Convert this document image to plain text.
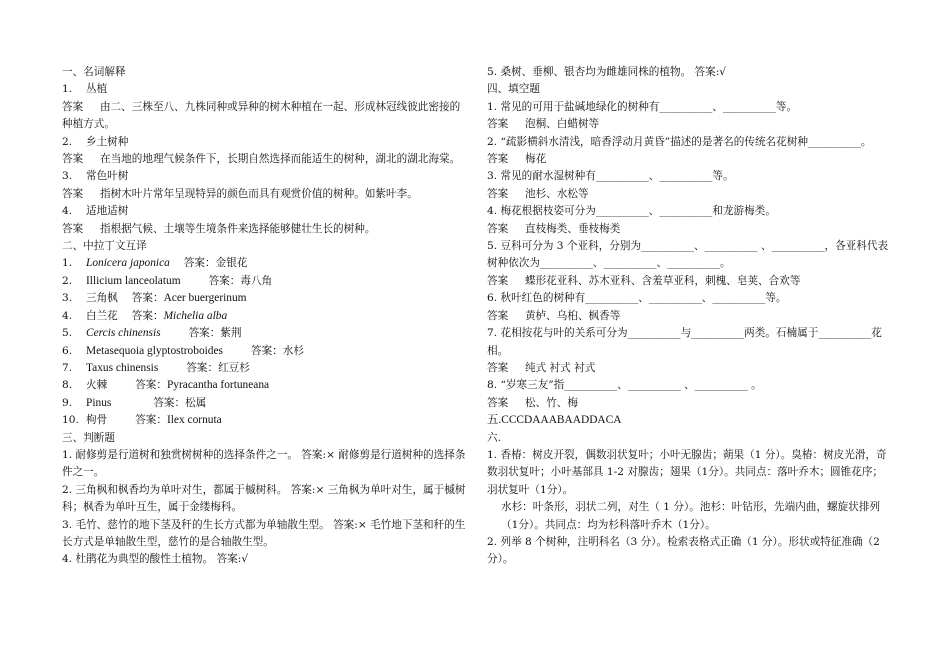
一、名词解释
1. 丛植
答案 由二、三株至八、九株同种或异种的树木种植在一起、形成林冠线彼此密接的种植方式。
2. 乡土树种
答案 在当地的地理气候条件下，长期自然选择而能适生的树种，湖北的湖北海棠。
3. 常色叶树
答案 指树木叶片常年呈现特异的颜色而具有观赏价值的树种。如紫叶李。
4. 适地适树
答案 指根据气候、土壤等生境条件来选择能够健壮生长的树种。
二、中拉丁文互译
1. Lonicera japonica 答案：金银花
2. Illicium lanceolatum	答案：毒八角
3. 三角枫 答案：Acer buergerinum
4. 白兰花 答案：Michelia alba
5. Cercis chinensis	答案：紫荆
6. Metasequoia glyptostroboides	答案：水杉
7. Taxus chinensis	答案：红豆杉
8. 火棘	答案：Pyracantha fortuneana
9. Pinus	答案：松属
10. 枸骨	答案：Ilex cornuta
三、判断题
1. 耐修剪是行道树和独赏树树种的选择条件之一。 答案:× 耐修剪是行道树种的选择条件之一。
2. 三角枫和枫香均为单叶对生，都属于槭树科。 答案:× 三角枫为单叶对生，属于槭树科；枫香为单叶互生，属于金缕梅科。
3. 毛竹、慈竹的地下茎及秆的生长方式都为单轴散生型。 答案:× 毛竹地下茎和秆的生长方式是单轴散生型，慈竹的是合轴散生型。
4. 杜鹃花为典型的酸性土植物。 答案:√
5. 桑树、垂柳、银杏均为雌雄同株的植物。 答案:√
四、填空题
1. 常见的可用于盐碱地绿化的树种有__________、__________等。
答案 泡桐、白蜡树等
2. “疏影横斜水清浅，暗香浮动月黄昏”描述的是著名的传统名花树种__________。
答案 梅花
3. 常见的耐水湿树种有__________、__________等。
答案 池杉、水松等
4. 梅花根据枝姿可分为__________、__________和龙游梅类。
答案 直枝梅类、垂枝梅类
5. 豆科可分为 3 个亚科，分别为__________、__________ 、__________，各亚科代表树种依次为__________、__________、__________。
答案 蝶形花亚科、苏木亚科、含羞草亚科，刺槐、皂荚、合欢等
6. 秋叶红色的树种有__________、__________、__________等。
答案 黄栌、乌桕、枫香等
7. 花相按花与叶的关系可分为__________与__________两类。石楠属于__________花相。
答案 纯式 衬式 衬式
8. “岁寒三友”指__________、__________ 、__________ 。
答案 松、竹、梅
五.CCCDAAABAADDACA
六.
1. 香椿：树皮开裂，偶数羽状复叶；小叶无腺齿；蒴果（1 分）。臭椿：树皮光滑，奇数羽状复叶；小叶基部具 1-2 对腺齿；翅果（1分）。共同点：落叶乔木；圆锥花序；羽状复叶（1分）。
水杉：叶条形，羽状二列，对生（ 1 分）。池杉：叶钻形，先端内曲，螺旋状排列（1分）。共同点：均为杉科落叶乔木（1分）。
2. 列举 8 个树种，注明科名（3 分）。检索表格式正确（1 分）。形状或特征准确（2 分）。
